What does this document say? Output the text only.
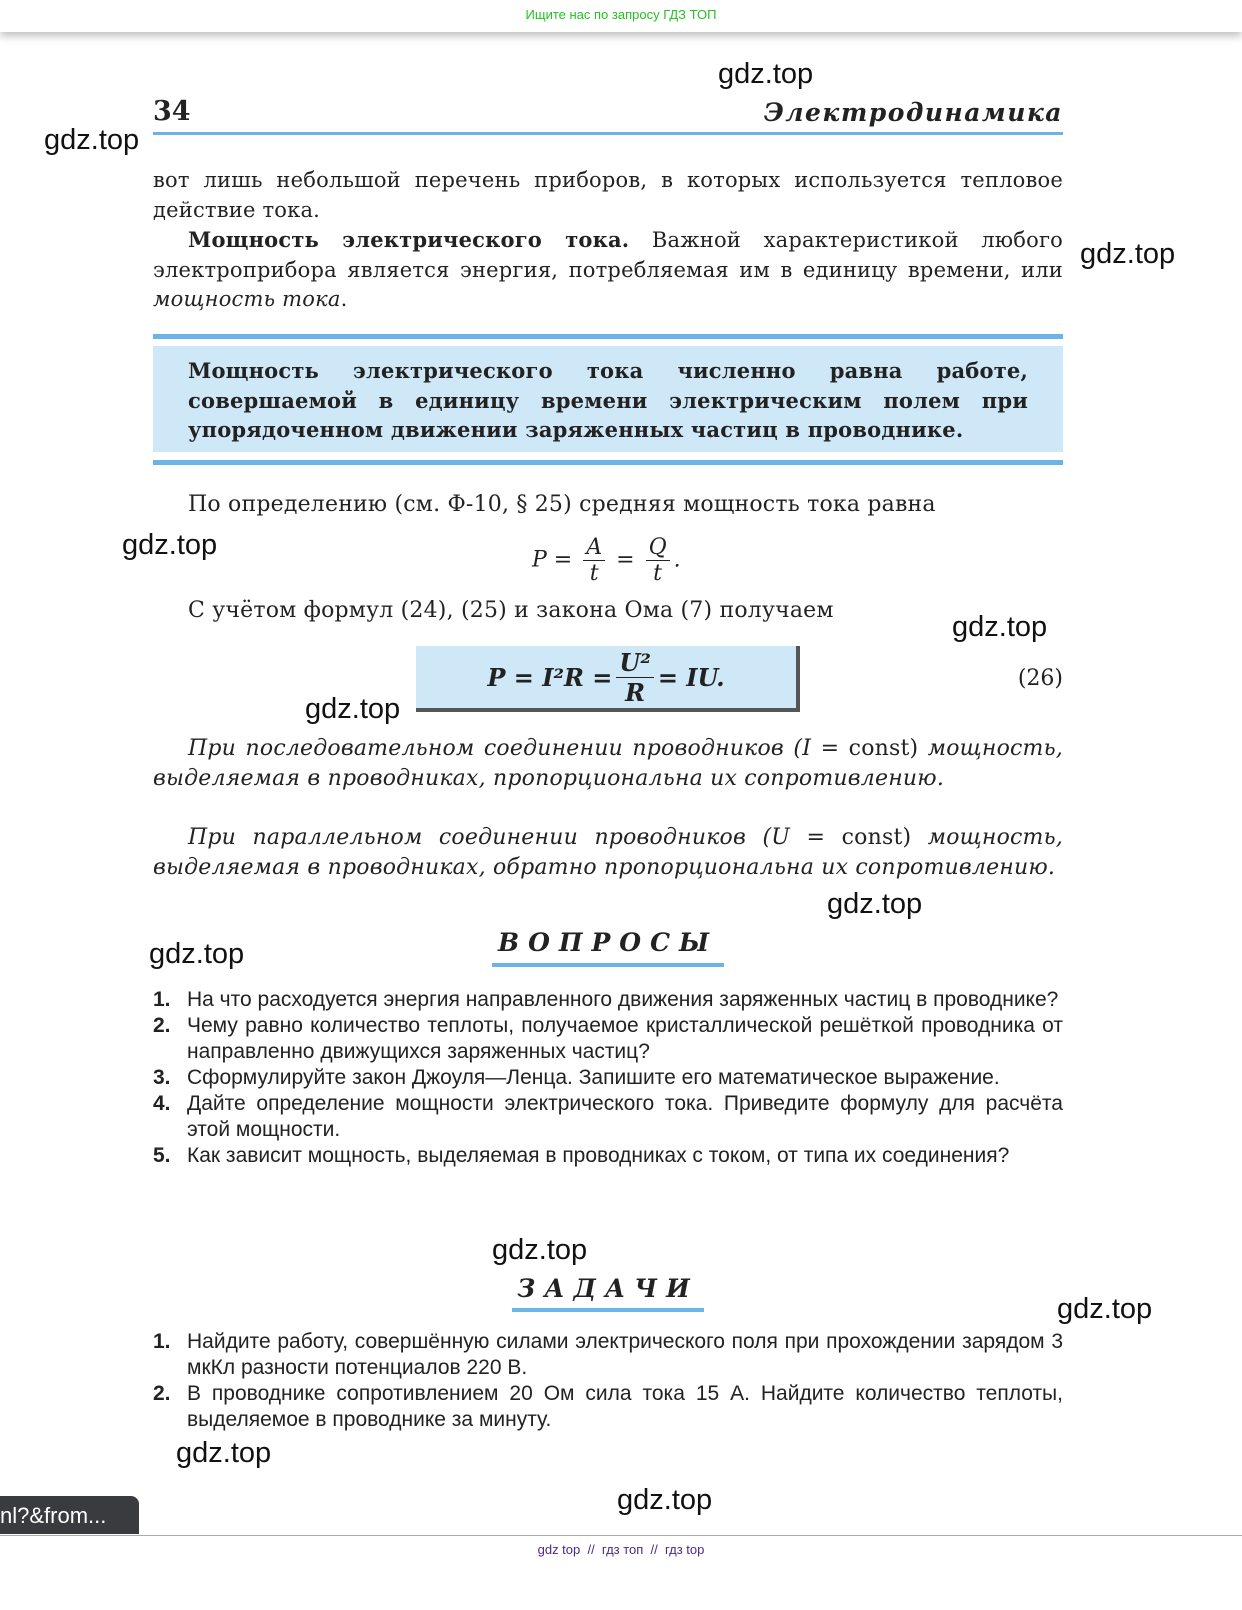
Ищите нас по запросу ГДЗ ТОП
34	Электродинамика
вот лишь небольшой перечень приборов, в которых используется тепловое действие тока.

Мощность электрического тока. Важной характеристикой любого электроприбора является энергия, потребляемая им в единицу времени, или мощность тока.
Мощность электрического тока численно равна работе, совершаемой в единицу времени электрическим полем при упорядоченном движении заряженных частиц в проводнике.
По определению (см. Ф-10, § 25) средняя мощность тока равна
$P = \frac{A}{t} = \frac{Q}{t}$ .
С учётом формул (24), (25) и закона Ома (7) получаем
$P = I^2R = \frac{\text{U²}}{R}$ = IU.	(26)
При последовательном соединении проводников (I = const) мощность, выделяемая в проводниках, пропорциональна их сопротивлению.
При параллельном соединении проводников (U = const) мощность, выделяемая в проводниках, обратно пропорциональна их сопротивлению.
ВОПРОСЫ
1. На что расходуется энергия направленного движения заряженных частиц в проводнике?
2. Чему равно количество теплоты, получаемое кристаллической решёткой проводника от направленно движущихся заряженных частиц?
3. Сформулируйте закон Джоуля—Ленца. Запишите его математическое выражение.
4. Дайте определение мощности электрического тока. Приведите формулу для расчёта этой мощности.
5. Как зависит мощность, выделяемая в проводниках с током, от типа их соединения?
ЗАДАЧИ
1. Найдите работу, совершённую силами электрического поля при прохождении зарядом 3 мкКл разности потенциалов 220 В.
2. В проводнике сопротивлением 20 Ом сила тока 15 А. Найдите количество теплоты, выделяемое в проводнике за минуту.
gdz.top
gdz.top
gdz.top
gdz.top
gdz.top
gdz.top
gdz.top
gdz.top
gdz.top
gdz.top
gdz.top
gdz.top
nl?&from...
gdz top  //  гдз топ  //  гдз top
